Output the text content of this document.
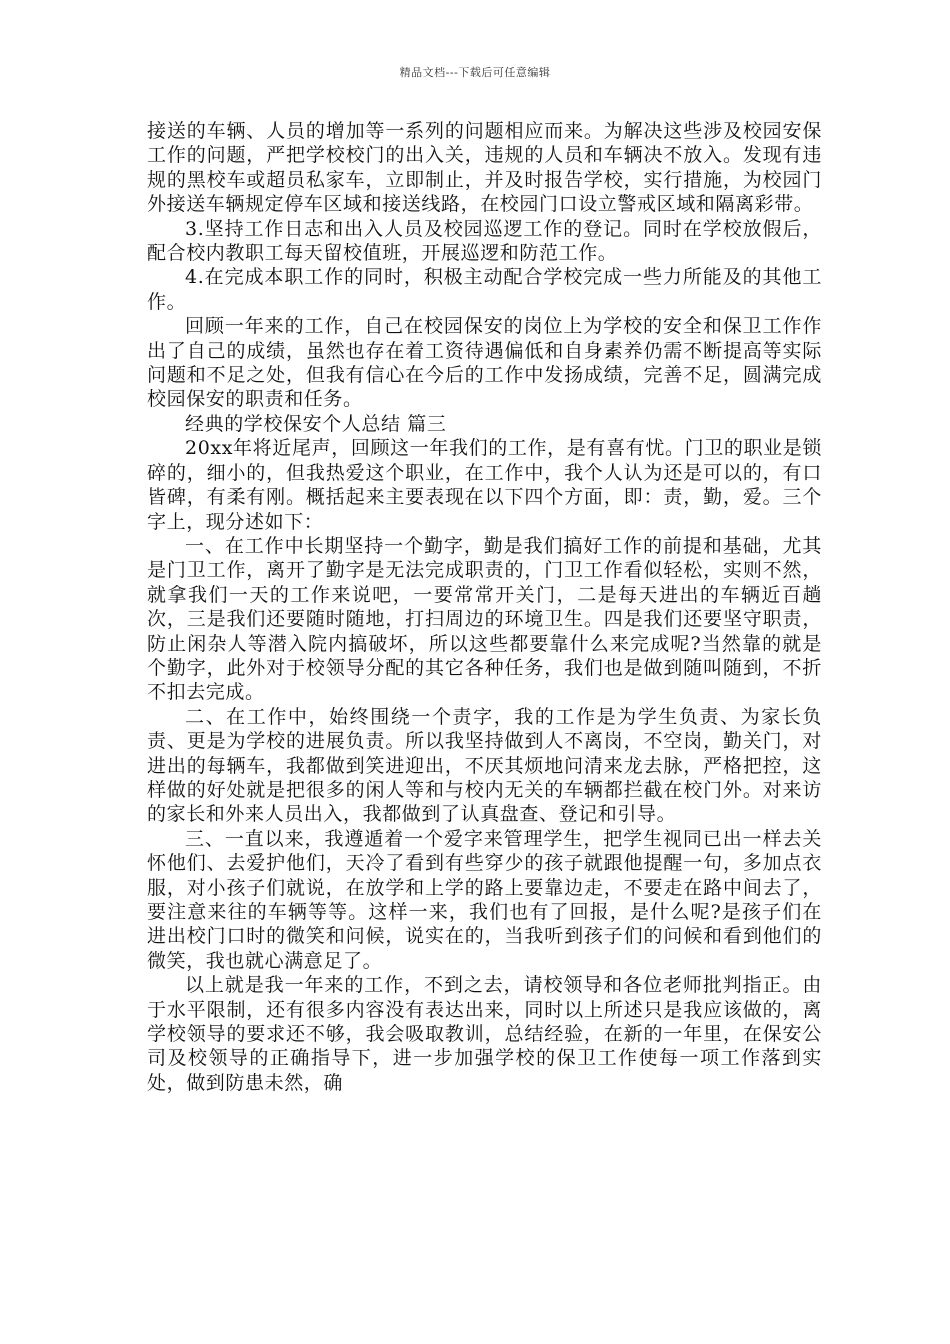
精品文档---下载后可任意编辑

接送的车辆、人员的增加等一系列的问题相应而来。为解决这些涉及校园安保工作的问题，严把学校校门的出入关，违规的人员和车辆决不放入。发现有违规的黑校车或超员私家车，立即制止，并及时报告学校，实行措施，为校园门外接送车辆规定停车区域和接送线路，在校园门口设立警戒区域和隔离彩带。

3.坚持工作日志和出入人员及校园巡逻工作的登记。同时在学校放假后，配合校内教职工每天留校值班，开展巡逻和防范工作。

4.在完成本职工作的同时，积极主动配合学校完成一些力所能及的其他工作。

回顾一年来的工作，自己在校园保安的岗位上为学校的安全和保卫工作作出了自己的成绩，虽然也存在着工资待遇偏低和自身素养仍需不断提高等实际问题和不足之处，但我有信心在今后的工作中发扬成绩，完善不足，圆满完成校园保安的职责和任务。

经典的学校保安个人总结 篇三

20xx年将近尾声，回顾这一年我们的工作，是有喜有忧。门卫的职业是锁碎的，细小的，但我热爱这个职业，在工作中，我个人认为还是可以的，有口皆碑，有柔有刚。概括起来主要表现在以下四个方面，即：责，勤，爱。三个字上，现分述如下：

一、在工作中长期坚持一个勤字，勤是我们搞好工作的前提和基础，尤其是门卫工作，离开了勤字是无法完成职责的，门卫工作看似轻松，实则不然，就拿我们一天的工作来说吧，一要常常开关门，二是每天进出的车辆近百趟次，三是我们还要随时随地，打扫周边的环境卫生。四是我们还要坚守职责，防止闲杂人等潜入院内搞破坏，所以这些都要靠什么来完成呢?当然靠的就是个勤字，此外对于校领导分配的其它各种任务，我们也是做到随叫随到，不折不扣去完成。

二、在工作中，始终围绕一个责字，我的工作是为学生负责、为家长负责、更是为学校的进展负责。所以我坚持做到人不离岗，不空岗，勤关门，对进出的每辆车，我都做到笑进迎出，不厌其烦地问清来龙去脉，严格把控，这样做的好处就是把很多的闲人等和与校内无关的车辆都拦截在校门外。对来访的家长和外来人员出入，我都做到了认真盘查、登记和引导。

三、一直以来，我遵遁着一个爱字来管理学生，把学生视同已出一样去关怀他们、去爱护他们，天冷了看到有些穿少的孩子就跟他提醒一句，多加点衣服，对小孩子们就说，在放学和上学的路上要靠边走，不要走在路中间去了，要注意来往的车辆等等。这样一来，我们也有了回报，是什么呢?是孩子们在进出校门口时的微笑和问候，说实在的，当我听到孩子们的问候和看到他们的微笑，我也就心满意足了。

以上就是我一年来的工作，不到之去，请校领导和各位老师批判指正。由于水平限制，还有很多内容没有表达出来，同时以上所述只是我应该做的，离学校领导的要求还不够，我会吸取教训，总结经验，在新的一年里，在保安公司及校领导的正确指导下，进一步加强学校的保卫工作使每一项工作落到实处，做到防患未然，确
